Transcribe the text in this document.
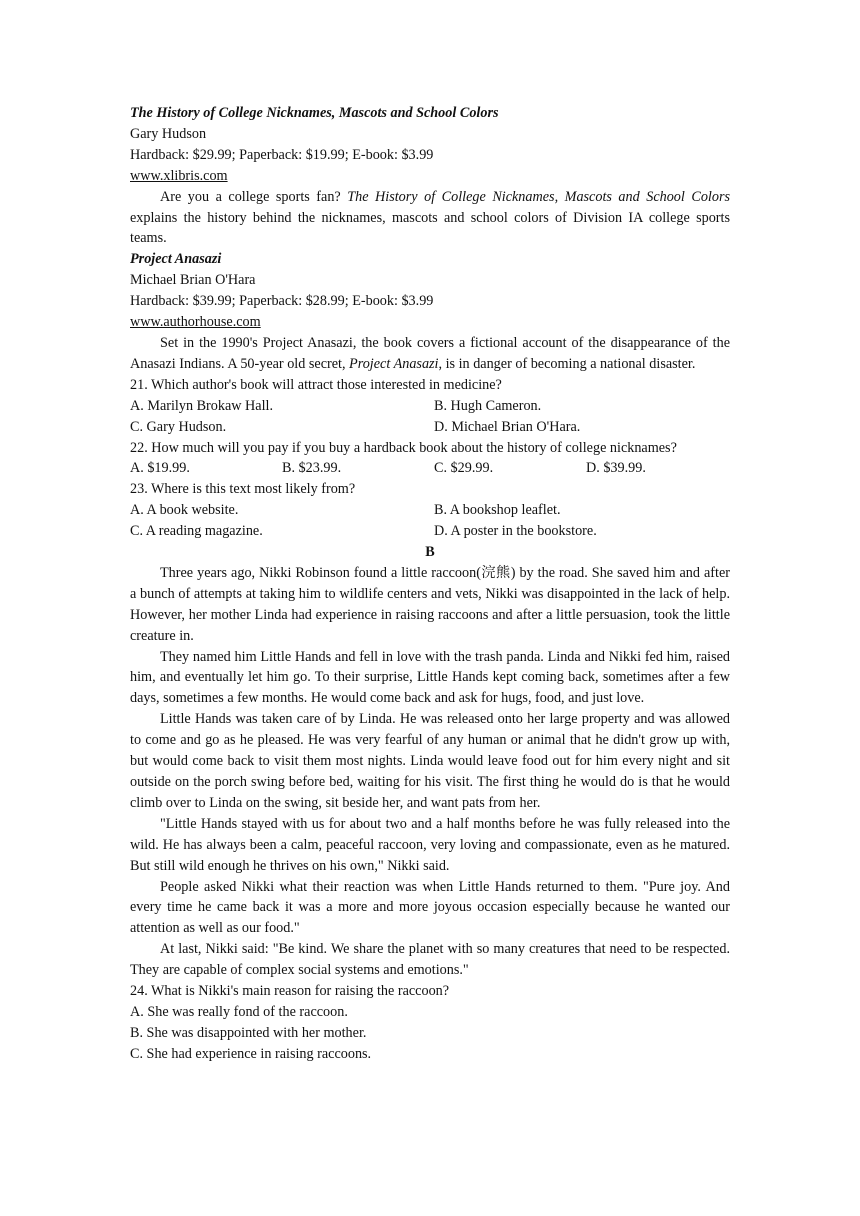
The History of College Nicknames, Mascots and School Colors
Gary Hudson
Hardback: $29.99; Paperback: $19.99; E-book: $3.99
www.xlibris.com
Are you a college sports fan? The History of College Nicknames, Mascots and School Colors explains the history behind the nicknames, mascots and school colors of Division IA college sports teams.
Project Anasazi
Michael Brian O'Hara
Hardback: $39.99; Paperback: $28.99; E-book: $3.99
www.authorhouse.com
Set in the 1990's Project Anasazi, the book covers a fictional account of the disappearance of the Anasazi Indians. A 50-year old secret, Project Anasazi, is in danger of becoming a national disaster.
21. Which author's book will attract those interested in medicine?
A. Marilyn Brokaw Hall.	B. Hugh Cameron.
C. Gary Hudson.	D. Michael Brian O'Hara.
22. How much will you pay if you buy a hardback book about the history of college nicknames?
A. $19.99.	B. $23.99.	C. $29.99.	D. $39.99.
23. Where is this text most likely from?
A. A book website.	B. A bookshop leaflet.
C. A reading magazine.	D. A poster in the bookstore.
B
Three years ago, Nikki Robinson found a little raccoon(浣熊) by the road. She saved him and after a bunch of attempts at taking him to wildlife centers and vets, Nikki was disappointed in the lack of help. However, her mother Linda had experience in raising raccoons and after a little persuasion, took the little creature in.
They named him Little Hands and fell in love with the trash panda. Linda and Nikki fed him, raised him, and eventually let him go. To their surprise, Little Hands kept coming back, sometimes after a few days, sometimes a few months. He would come back and ask for hugs, food, and just love.
Little Hands was taken care of by Linda. He was released onto her large property and was allowed to come and go as he pleased. He was very fearful of any human or animal that he didn't grow up with, but would come back to visit them most nights. Linda would leave food out for him every night and sit outside on the porch swing before bed, waiting for his visit. The first thing he would do is that he would climb over to Linda on the swing, sit beside her, and want pats from her.
"Little Hands stayed with us for about two and a half months before he was fully released into the wild. He has always been a calm, peaceful raccoon, very loving and compassionate, even as he matured. But still wild enough he thrives on his own," Nikki said.
People asked Nikki what their reaction was when Little Hands returned to them. "Pure joy. And every time he came back it was a more and more joyous occasion especially because he wanted our attention as well as our food."
At last, Nikki said: "Be kind. We share the planet with so many creatures that need to be respected. They are capable of complex social systems and emotions."
24. What is Nikki's main reason for raising the raccoon?
A. She was really fond of the raccoon.
B. She was disappointed with her mother.
C. She had experience in raising raccoons.
